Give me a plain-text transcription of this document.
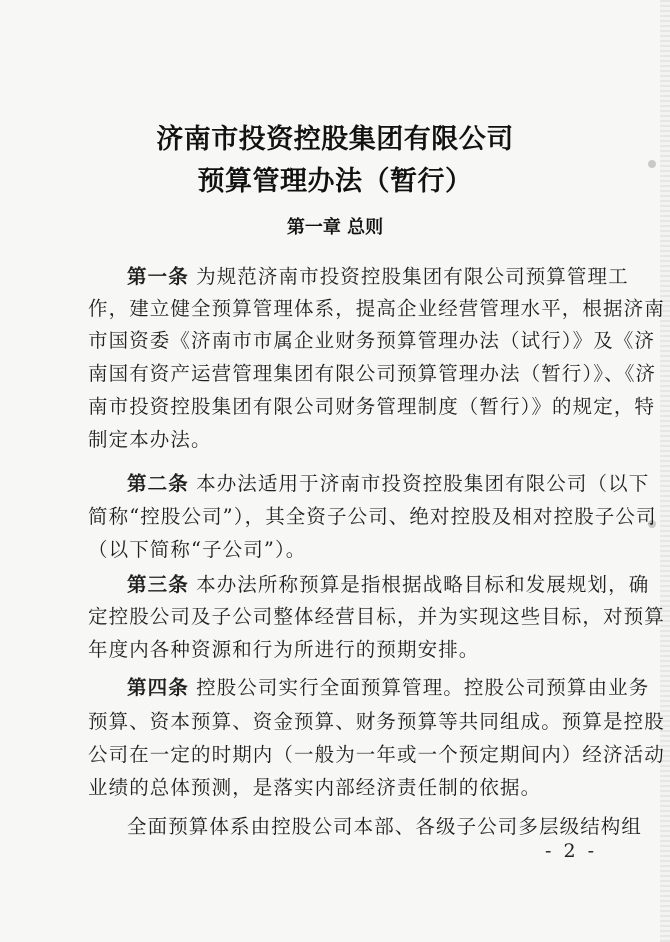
济南市投资控股集团有限公司
预算管理办法（暂行）
第一章 总则
第一条 为规范济南市投资控股集团有限公司预算管理工
作，建立健全预算管理体系，提高企业经营管理水平，根据济南
市国资委《济南市市属企业财务预算管理办法（试行）》及《济
南国有资产运营管理集团有限公司预算管理办法（暂行）》、《济
南市投资控股集团有限公司财务管理制度（暂行）》的规定，特
制定本办法。
第二条 本办法适用于济南市投资控股集团有限公司（以下
简称“控股公司”），其全资子公司、绝对控股及相对控股子公司
（以下简称“子公司”）。
第三条 本办法所称预算是指根据战略目标和发展规划，确
定控股公司及子公司整体经营目标，并为实现这些目标，对预算
年度内各种资源和行为所进行的预期安排。
第四条 控股公司实行全面预算管理。控股公司预算由业务
预算、资本预算、资金预算、财务预算等共同组成。预算是控股
公司在一定的时期内（一般为一年或一个预定期间内）经济活动
业绩的总体预测，是落实内部经济责任制的依据。
全面预算体系由控股公司本部、各级子公司多层级结构组
- 2 -
